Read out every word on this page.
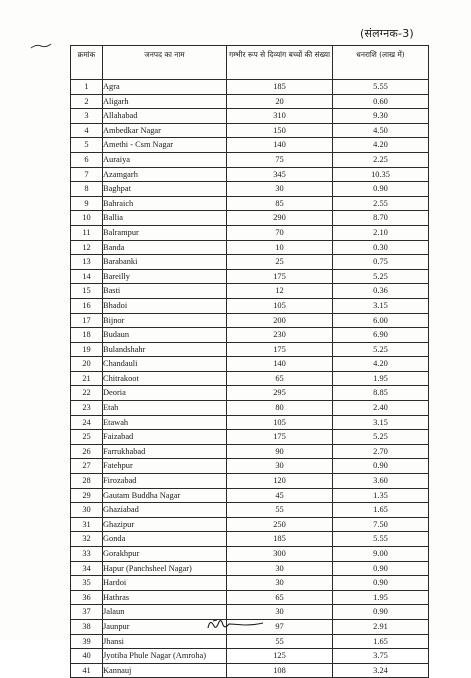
(संलग्नक-3)
क्रमांक	जनपद का नाम	गम्भीर रूप से दिव्यांग बच्चों की संख्या	धनराशि (लाख में)
1	Agra	185	5.55
2	Aligarh	20	0.60
3	Allahabad	310	9.30
4	Ambedkar Nagar	150	4.50
5	Amethi - Csm Nagar	140	4.20
6	Auraiya	75	2.25
7	Azamgarh	345	10.35
8	Baghpat	30	0.90
9	Bahraich	85	2.55
10	Ballia	290	8.70
11	Balrampur	70	2.10
12	Banda	10	0.30
13	Barabanki	25	0.75
14	Bareilly	175	5.25
15	Basti	12	0.36
16	Bhadoi	105	3.15
17	Bijnor	200	6.00
18	Budaun	230	6.90
19	Bulandshahr	175	5.25
20	Chandauli	140	4.20
21	Chitrakoot	65	1.95
22	Deoria	295	8.85
23	Etah	80	2.40
24	Etawah	105	3.15
25	Faizabad	175	5.25
26	Farrukhabad	90	2.70
27	Fatehpur	30	0.90
28	Firozabad	120	3.60
29	Gautam Buddha Nagar	45	1.35
30	Ghaziabad	55	1.65
31	Ghazipur	250	7.50
32	Gonda	185	5.55
33	Gorakhpur	300	9.00
34	Hapur (Panchsheel Nagar)	30	0.90
35	Hardoi	30	0.90
36	Hathras	65	1.95
37	Jalaun	30	0.90
38	Jaunpur	97	2.91
39	Jhansi	55	1.65
40	Jyotiba Phule Nagar (Amroha)	125	3.75
41	Kannauj	108	3.24
